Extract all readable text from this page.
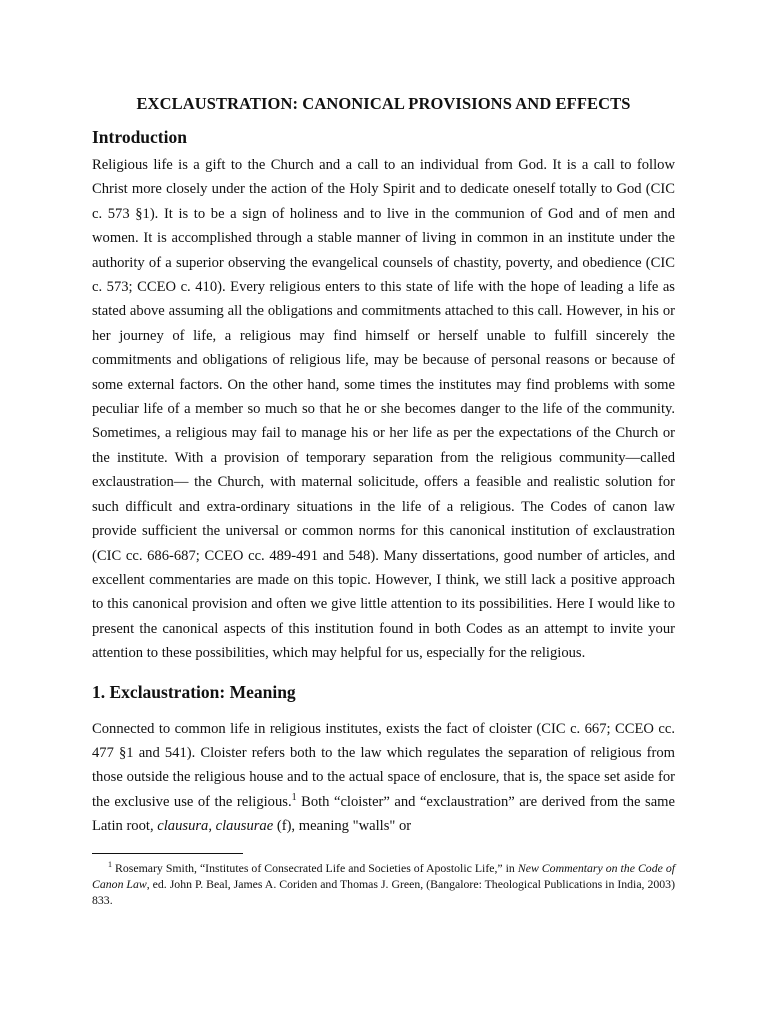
EXCLAUSTRATION: CANONICAL PROVISIONS AND EFFECTS
Introduction

Religious life is a gift to the Church and a call to an individual from God. It is a call to follow Christ more closely under the action of the Holy Spirit and to dedicate oneself totally to God (CIC c. 573 §1). It is to be a sign of holiness and to live in the communion of God and of men and women. It is accomplished through a stable manner of living in common in an institute under the authority of a superior observing the evangelical counsels of chastity, poverty, and obedience (CIC c. 573; CCEO c. 410). Every religious enters to this state of life with the hope of leading a life as stated above assuming all the obligations and commitments attached to this call. However, in his or her journey of life, a religious may find himself or herself unable to fulfill sincerely the commitments and obligations of religious life, may be because of personal reasons or because of some external factors. On the other hand, some times the institutes may find problems with some peculiar life of a member so much so that he or she becomes danger to the life of the community. Sometimes, a religious may fail to manage his or her life as per the expectations of the Church or the institute. With a provision of temporary separation from the religious community—called exclaustration— the Church, with maternal solicitude, offers a feasible and realistic solution for such difficult and extra-ordinary situations in the life of a religious. The Codes of canon law provide sufficient the universal or common norms for this canonical institution of exclaustration (CIC cc. 686-687; CCEO cc. 489-491 and 548). Many dissertations, good number of articles, and excellent commentaries are made on this topic. However, I think, we still lack a positive approach to this canonical provision and often we give little attention to its possibilities. Here I would like to present the canonical aspects of this institution found in both Codes as an attempt to invite your attention to these possibilities, which may helpful for us, especially for the religious.

1. Exclaustration: Meaning

Connected to common life in religious institutes, exists the fact of cloister (CIC c. 667; CCEO cc. 477 §1 and 541). Cloister refers both to the law which regulates the separation of religious from those outside the religious house and to the actual space of enclosure, that is, the space set aside for the exclusive use of the religious.$^1$ Both “cloister” and “exclaustration” are derived from the same Latin root, clausura, clausurae (f), meaning "walls" or

$^1$ Rosemary Smith, “Institutes of Consecrated Life and Societies of Apostolic Life,” in New Commentary on the Code of Canon Law, ed. John P. Beal, James A. Coriden and Thomas J. Green, (Bangalore: Theological Publications in India, 2003) 833.
